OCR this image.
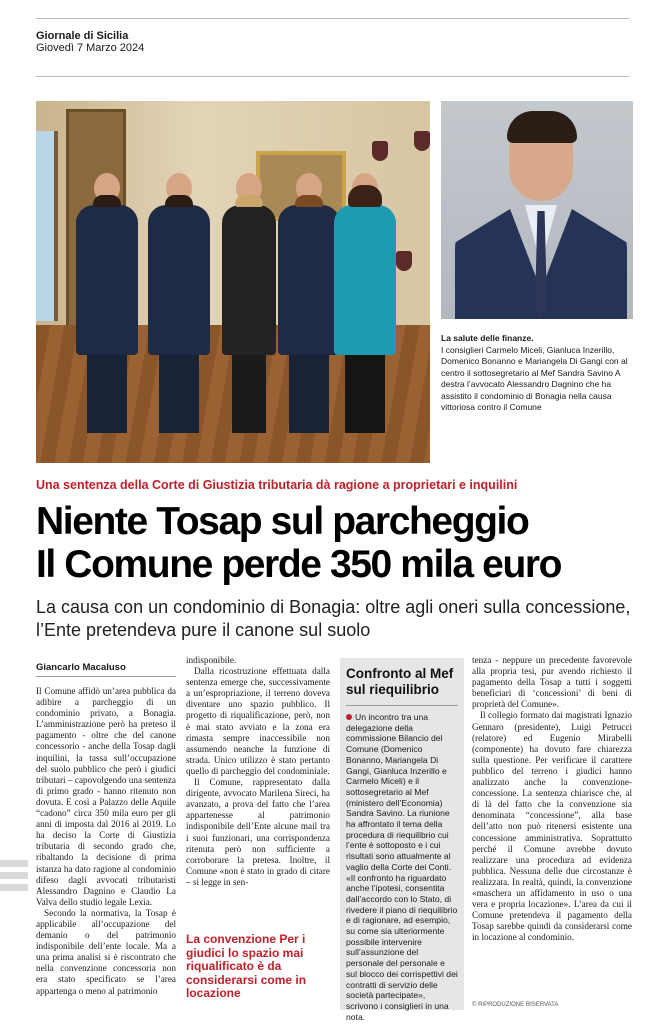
Giornale di Sicilia
Giovedì 7 Marzo 2024
La salute delle finanze.
I consiglieri Carmelo Miceli, Gianluca Inzerillo, Domenico Bonanno e Mariangela Di Gangi con al centro il sottosegretario al Mef Sandra Savino A destra l’avvocato Alessandro Dagnino che ha assistito il condominio di Bonagia nella causa vittoriosa contro il Comune
Una sentenza della Corte di Giustizia tributaria dà ragione a proprietari e inquilini
Niente Tosap sul parcheggio
Il Comune perde 350 mila euro
La causa con un condominio di Bonagia: oltre agli oneri sulla concessione, l’Ente pretendeva pure il canone sul suolo
Giancarlo Macaluso

Il Comune affidò un’area pubblica da adibire a parcheggio di un condominio privato, a Bonagia. L’amministrazione però ha preteso il pagamento - oltre che del canone concessorio - anche della Tosap dagli inquilini, la tassa sull’occupazione del suolo pubblico che però i giudici tributari – capovolgendo una sentenza di primo grado - hanno ritenuto non dovuta. E così a Palazzo delle Aquile “cadono” circa 350 mila euro per gli anni di imposta dal 2016 al 2019. Lo ha deciso la Corte di Giustizia tributaria di secondo grado che, ribaltando la decisione di prima istanza ha dato ragione al condominio difeso dagli avvocati tributaristi Alessandro Dagnino e Claudio La Valva dello studio legale Lexia.

Secondo la normativa, la Tosap è applicabile all’occupazione del demanio o del patrimonio indisponibile dell’ente locale. Ma a una prima analisi si è riscontrato che nella convenzione concessoria non era stato specificato se l’area appartenga o meno al patrimonio

indisponibile.

Dalla ricostruzione effettuata dalla sentenza emerge che, successivamente a un’espropriazione, il terreno doveva diventare uno spazio pubblico. Il progetto di riqualificazione, però, non è mai stato avviato e la zona era rimasta sempre inaccessibile non assumendo neanche la funzione di strada. Unico utilizzo è stato pertanto quello di parcheggio del condominiale.

Il Comune, rappresentato dalla dirigente, avvocato Marilena Sirecі, ha avanzato, a prova del fatto che l’area appartenesse al patrimonio indisponibile dell’Ente alcune mail tra i suoi funzionari, una corrispondenza ritenuta però non sufficiente a corroborare la pretesa. Inoltre, il Comune «non è stato in grado di citare – si legge in sen-

La convenzione Per i giudici lo spazio mai riqualificato è da considerarsi come in locazione
Confronto al Mef sul riequilibrio
Un incontro tra una delegazione della commissione Bilancio del Comune (Domenico Bonanno, Mariangela Di Gangi, Gianluca Inzerillo e Carmelo Miceli) e il sottosegretario al Mef (ministero dell’Economia) Sandra Savino. La riunione ha affrontato il tema della procedura di riequilibrio cui l’ente è sottoposto e i cui risultati sono attualmente al vaglio della Corte dei Conti. «Il confronto ha riguardato anche l’ipotesi, consentita dall’accordo con lo Stato, di rivedere il piano di riequilibrio e di ragionare, ad esempio, su come sia ulteriormente possibile intervenire sull’assunzione del personale del personale e sul blocco dei corrispettivi dei contratti di servizio delle società partecipate», scrivono i consiglieri in una nota.

tenza - neppure un precedente favorevole alla propria tesi, pur avendo richiesto il pagamento della Tosap a tutti i soggetti beneficiari di ‘concessioni’ di beni di proprietà del Comune».

Il collegio formato dai magistrati Ignazio Gennaro (presidente), Luigi Petrucci (relatore) ed Eugenio Mirabelli (componente) ha dovuto fare chiarezza sulla questione. Per verificare il carattere pubblico del terreno i giudici hanno analizzato anche la convenzione-concessione. La sentenza chiarisce che, al di là del fatto che la convenzione sia denominata “concessione”, alla base dell’atto non può ritenersi esistente una concessione amministrativa. Soprattutto perché il Comune avrebbe dovuto realizzare una procedura ad evidenza pubblica. Nessuna delle due circostanze è realizzata. In realtà, quindi, la convenzione «maschera un affidamento in uso o una vera e propria locazione». L’area da cui il Comune pretendeva il pagamento della Tosap sarebbe quindi da considerarsi come in locazione al condominio.

© RIPRODUZIONE RISERVATA
